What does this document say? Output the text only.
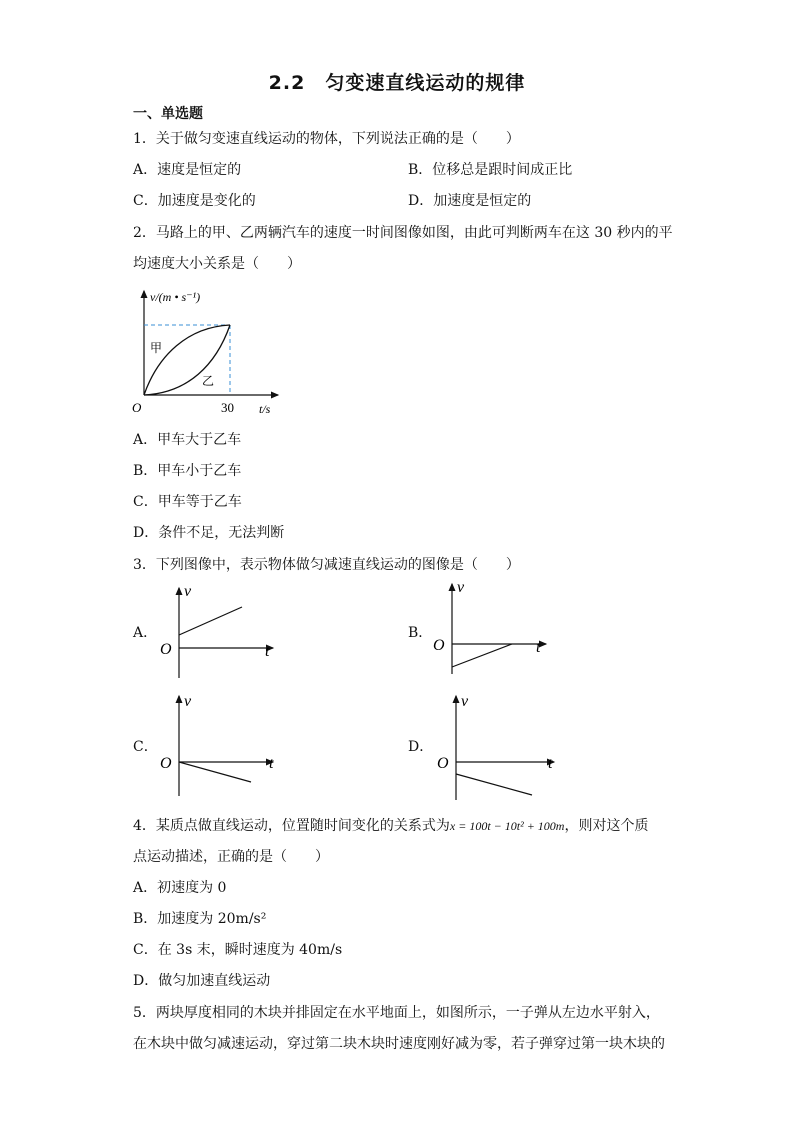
2.2　匀变速直线运动的规律
一、单选题
1．关于做匀变速直线运动的物体，下列说法正确的是（　　）
A．速度是恒定的	B．位移总是跟时间成正比
C．加速度是变化的	D．加速度是恒定的
2．马路上的甲、乙两辆汽车的速度一时间图像如图，由此可判断两车在这 30 秒内的平
均速度大小关系是（　　）
v/(m • s⁻¹)
t/s
O	30
甲
乙
A．甲车大于乙车
B．甲车小于乙车
C．甲车等于乙车
D．条件不足，无法判断
3．下列图像中，表示物体做匀减速直线运动的图像是（　　）
A．
v
t
O
B．
v
t
O
C．
v
t
O
D．
v
t
O
4．某质点做直线运动，位置随时间变化的关系式为x = 100t − 10t² + 100m，则对这个质
点运动描述，正确的是（　　）
A．初速度为 0
B．加速度为 20m/s²
C．在 3s 末，瞬时速度为 40m/s
D．做匀加速直线运动
5．两块厚度相同的木块并排固定在水平地面上，如图所示，一子弹从左边水平射入，
在木块中做匀减速运动，穿过第二块木块时速度刚好减为零，若子弹穿过第一块木块的
